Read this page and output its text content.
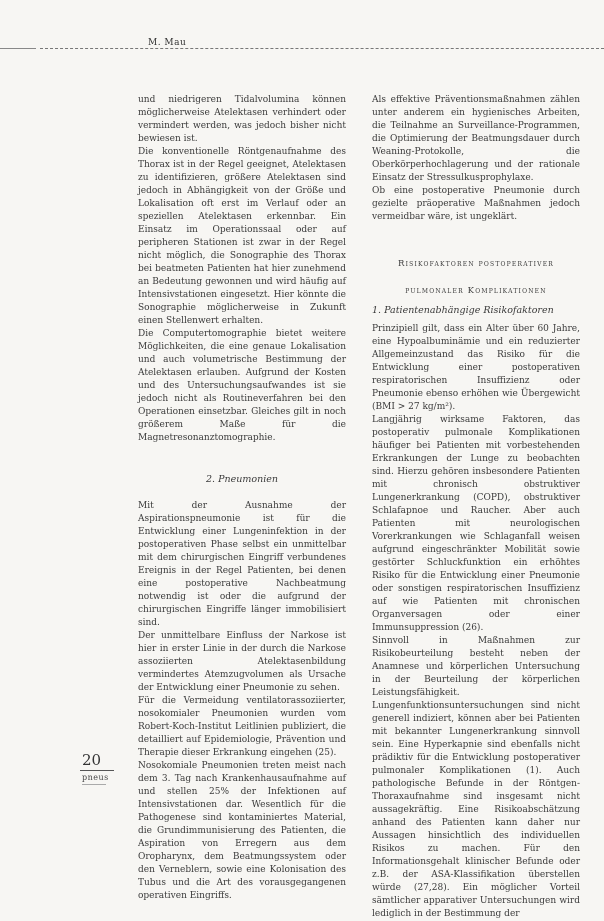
M. Mau

und niedrigeren Tidalvolumina können möglicherweise Atelektasen verhindert oder vermindert werden, was jedoch bisher nicht bewiesen ist.

Die konventionelle Röntgenaufnahme des Thorax ist in der Regel geeignet, Atelektasen zu identifizieren, größere Atelektasen sind jedoch in Abhängigkeit von der Größe und Lokalisation oft erst im Verlauf oder an speziellen Atelektasen erkennbar. Ein Einsatz im Operationssaal oder auf peripheren Stationen ist zwar in der Regel nicht möglich, die Sonographie des Thorax bei beatmeten Patienten hat hier zunehmend an Bedeutung gewonnen und wird häufig auf Intensivstationen eingesetzt. Hier könnte die Sonographie möglicherweise in Zukunft einen Stellenwert erhalten.

Die Computertomographie bietet weitere Möglichkeiten, die eine genaue Lokalisation und auch volumetrische Bestimmung der Atelektasen erlauben. Aufgrund der Kosten und des Untersuchungsaufwandes ist sie jedoch nicht als Routineverfahren bei den Operationen einsetzbar. Gleiches gilt in noch größerem Maße für die Magnetresonanztomographie.

2. Pneumonien

Mit der Ausnahme der Aspirationspneumonie ist für die Entwicklung einer Lungeninfektion in der postoperativen Phase selbst ein unmittelbar mit dem chirurgischen Eingriff verbundenes Ereignis in der Regel Patienten, bei denen eine postoperative Nachbeatmung notwendig ist oder die aufgrund der chirurgischen Eingriffe länger immobilisiert sind.

Der unmittelbare Einfluss der Narkose ist hier in erster Linie in der durch die Narkose assoziierten Atelektasenbildung vermindertes Atemzugvolumen als Ursache der Entwicklung einer Pneumonie zu sehen.

Für die Vermeidung ventilatorassoziierter, nosokomialer Pneumonien wurden vom Robert-Koch-Institut Leitlinien publiziert, die detailliert auf Epidemiologie, Prävention und Therapie dieser Erkrankung eingehen (25).

Nosokomiale Pneumonien treten meist nach dem 3. Tag nach Krankenhausaufnahme auf und stellen 25% der Infektionen auf Intensivstationen dar. Wesentlich für die Pathogenese sind kontaminiertes Material, die Grundimmunisierung des Patienten, die Aspiration von Erregern aus dem Oropharynx, dem Beatmungssystem oder den Verneblern, sowie eine Kolonisation des Tubus und die Art des vorausgegangenen operativen Eingriffs.

Als effektive Präventionsmaßnahmen zählen unter anderem ein hygienisches Arbeiten, die Teilnahme an Surveillance-Programmen, die Optimierung der Beatmungsdauer durch Weaning-Protokolle, die Oberkörperhochlagerung und der rationale Einsatz der Stressulkusprophylaxe.

Ob eine postoperative Pneumonie durch gezielte präoperative Maßnahmen jedoch vermeidbar wäre, ist ungeklärt.

Risikofaktoren postoperativer
pulmonaler Komplikationen
1. Patientenabhängige Risikofaktoren

Prinzipiell gilt, dass ein Alter über 60 Jahre, eine Hypoalbuminämie und ein reduzierter Allgemeinzustand das Risiko für die Entwicklung einer postoperativen respiratorischen Insuffizienz oder Pneumonie ebenso erhöhen wie Übergewicht (BMI > 27 kg/m²).

Langjährig wirksame Faktoren, das postoperativ pulmonale Komplikationen häufiger bei Patienten mit vorbestehenden Erkrankungen der Lunge zu beobachten sind. Hierzu gehören insbesondere Patienten mit chronisch obstruktiver Lungenerkrankung (COPD), obstruktiver Schlafapnoe und Raucher. Aber auch Patienten mit neurologischen Vorerkrankungen wie Schlaganfall weisen aufgrund eingeschränkter Mobilität sowie gestörter Schluckfunktion ein erhöhtes Risiko für die Entwicklung einer Pneumonie oder sonstigen respiratorischen Insuffizienz auf wie Patienten mit chronischen Organversagen oder einer Immunsuppression (26).

Sinnvoll in Maßnahmen zur Risikobeurteilung besteht neben der Anamnese und körperlichen Untersuchung in der Beurteilung der körperlichen Leistungsfähigkeit. Lungenfunktionsuntersuchungen sind nicht generell indiziert, können aber bei Patienten mit bekannter Lungenerkrankung sinnvoll sein. Eine Hyperkapnie sind ebenfalls nicht prädiktiv für die Entwicklung postoperativer pulmonaler Komplikationen (1). Auch pathologische Befunde in der Röntgen-Thoraxaufnahme sind insgesamt nicht aussagekräftig. Eine Risikoabschätzung anhand des Patienten kann daher nur Aussagen hinsichtlich des individuellen Risikos zu machen. Für den Informationsgehalt klinischer Befunde oder z.B. der ASA-Klassifikation überstellen würde (27,28). Ein möglicher Vorteil sämtlicher apparativer Untersuchungen wird lediglich in der Bestimmung der

20
pneus
